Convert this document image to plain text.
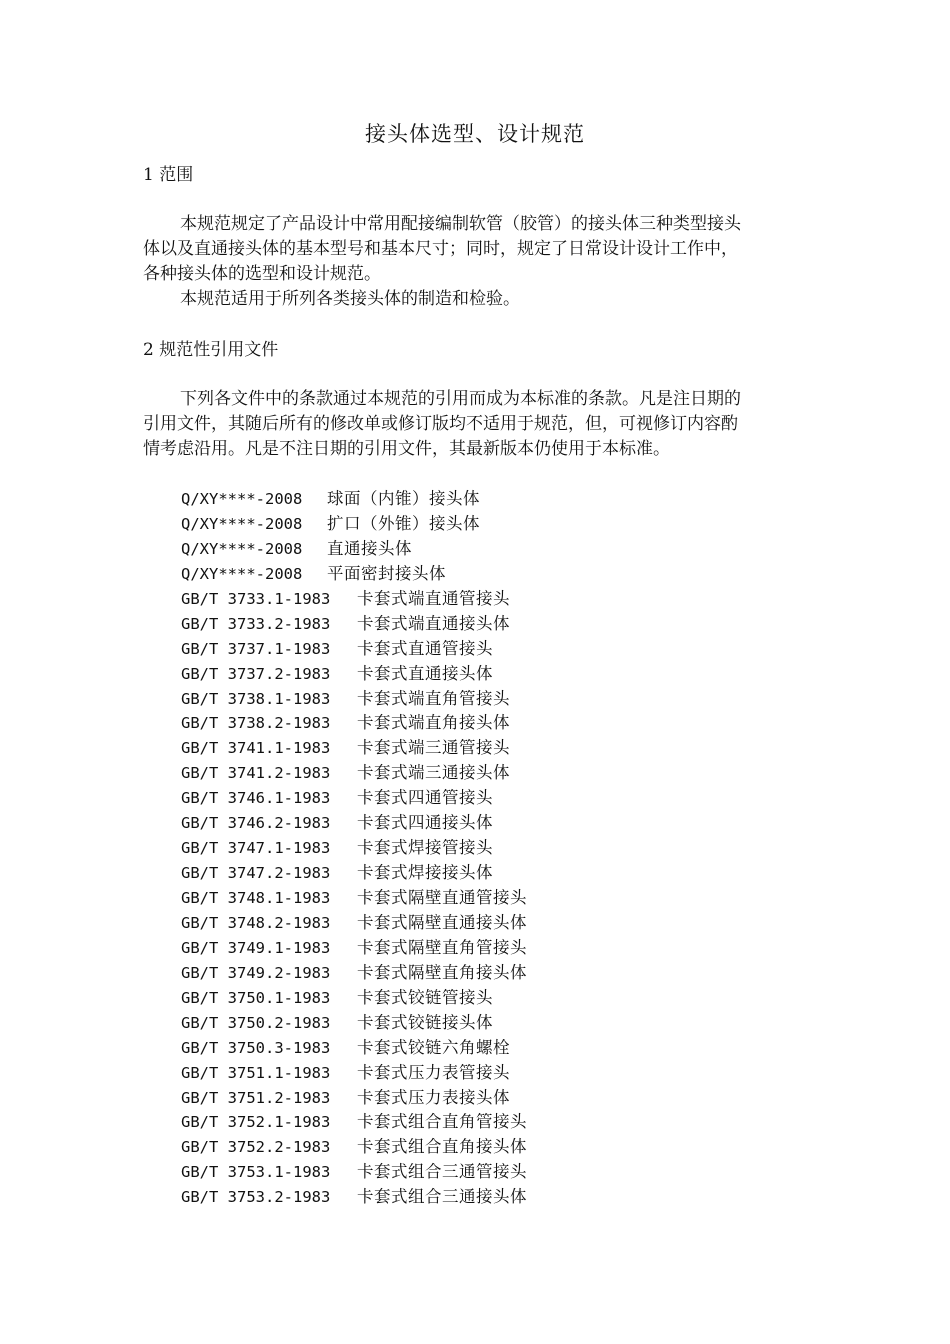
接头体选型、设计规范
1 范围

本规范规定了产品设计中常用配接编制软管（胶管）的接头体三种类型接头
体以及直通接头体的基本型号和基本尺寸；同时，规定了日常设计设计工作中，
各种接头体的选型和设计规范。

本规范适用于所列各类接头体的制造和检验。

2 规范性引用文件

下列各文件中的条款通过本规范的引用而成为本标准的条款。凡是注日期的
引用文件，其随后所有的修改单或修订版均不适用于规范，但，可视修订内容酌
情考虑沿用。凡是不注日期的引用文件，其最新版本仍使用于本标准。

Q/XY****-2008 球面（内锥）接头体
Q/XY****-2008 扩口（外锥）接头体
Q/XY****-2008 直通接头体
Q/XY****-2008 平面密封接头体
GB/T 3733.1-1983 卡套式端直通管接头
GB/T 3733.2-1983 卡套式端直通接头体
GB/T 3737.1-1983 卡套式直通管接头
GB/T 3737.2-1983 卡套式直通接头体
GB/T 3738.1-1983 卡套式端直角管接头
GB/T 3738.2-1983 卡套式端直角接头体
GB/T 3741.1-1983 卡套式端三通管接头
GB/T 3741.2-1983 卡套式端三通接头体
GB/T 3746.1-1983 卡套式四通管接头
GB/T 3746.2-1983 卡套式四通接头体
GB/T 3747.1-1983 卡套式焊接管接头
GB/T 3747.2-1983 卡套式焊接接头体
GB/T 3748.1-1983 卡套式隔壁直通管接头
GB/T 3748.2-1983 卡套式隔壁直通接头体
GB/T 3749.1-1983 卡套式隔壁直角管接头
GB/T 3749.2-1983 卡套式隔壁直角接头体
GB/T 3750.1-1983 卡套式铰链管接头
GB/T 3750.2-1983 卡套式铰链接头体
GB/T 3750.3-1983 卡套式铰链六角螺栓
GB/T 3751.1-1983 卡套式压力表管接头
GB/T 3751.2-1983 卡套式压力表接头体
GB/T 3752.1-1983 卡套式组合直角管接头
GB/T 3752.2-1983 卡套式组合直角接头体
GB/T 3753.1-1983 卡套式组合三通管接头
GB/T 3753.2-1983 卡套式组合三通接头体
